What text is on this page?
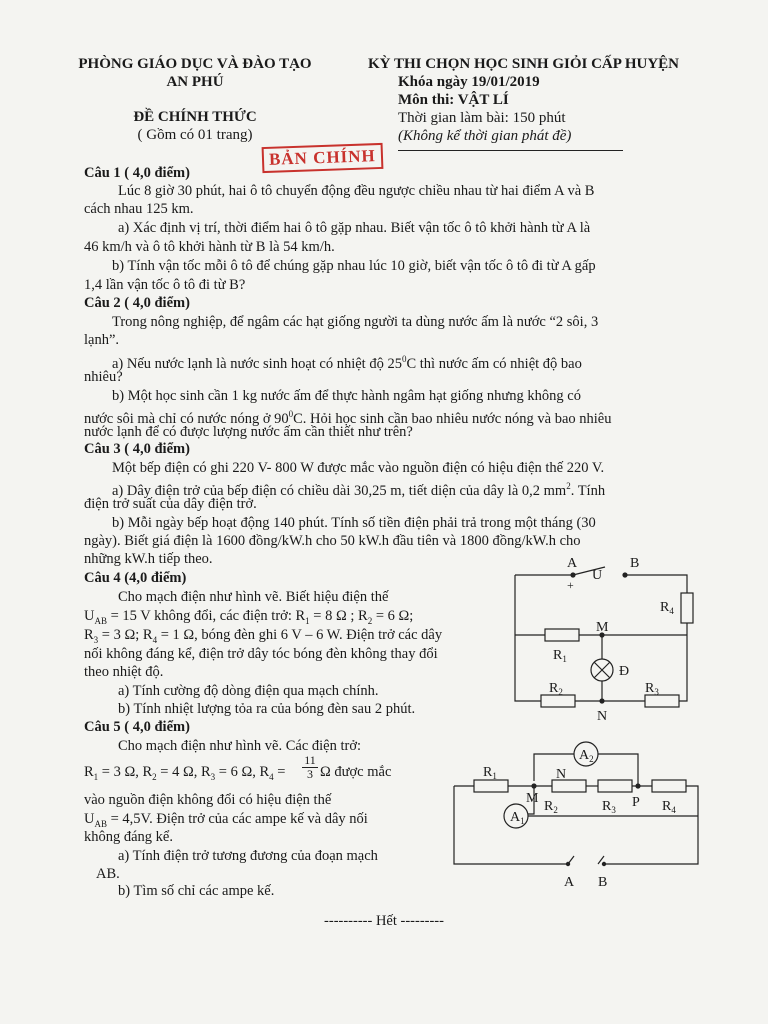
PHÒNG GIÁO DỤC VÀ ĐÀO TẠO
AN PHÚ
ĐỀ CHÍNH THỨC
( Gồm có 01 trang)
BẢN CHÍNH
KỲ THI CHỌN HỌC SINH GIỎI CẤP HUYỆN
Khóa ngày 19/01/2019
Môn thi: VẬT LÍ
Thời gian làm bài: 150 phút
(Không kể thời gian phát đề)
Câu 1 ( 4,0 điểm)
Lúc 8 giờ 30 phút, hai ô tô chuyển động đều ngược chiều nhau từ hai điểm A và B
cách nhau 125 km.
a) Xác định vị trí, thời điểm hai ô tô gặp nhau. Biết vận tốc ô tô khởi hành từ A là
46 km/h và ô tô khởi hành từ B là 54 km/h.
b) Tính vận tốc mỗi ô tô để chúng gặp nhau lúc 10 giờ, biết vận tốc ô tô đi từ A gấp
1,4 lần vận tốc ô tô đi từ B?
Câu 2 ( 4,0 điểm)
Trong nông nghiệp, để ngâm các hạt giống người ta dùng nước ấm là nước “2 sôi, 3
lạnh”.
a) Nếu nước lạnh là nước sinh hoạt có nhiệt độ $25^0C$ thì nước ấm có nhiệt độ bao
nhiêu?
b) Một học sinh cần 1 kg nước ấm để thực hành ngâm hạt giống nhưng không có
nước sôi mà chỉ có nước nóng ở $90^0C$. Hỏi học sinh cần bao nhiêu nước nóng và bao nhiêu
nước lạnh để có được lượng nước ấm cần thiết như trên?
Câu 3 ( 4,0 điểm)
Một bếp điện có ghi 220 V- 800 W được mắc vào nguồn điện có hiệu điện thế 220 V.
a) Dây điện trở của bếp điện có chiều dài 30,25 m, tiết diện của dây là 0,2 $mm^2$. Tính
điện trở suất của dây điện trở.
b) Mỗi ngày bếp hoạt động 140 phút. Tính số tiền điện phải trả trong một tháng (30
ngày). Biết giá điện là 1600 đồng/kW.h cho 50 kW.h đầu tiên và 1800 đồng/kW.h cho
những kW.h tiếp theo.
Câu 4 (4,0 điểm)
Cho mạch điện như hình vẽ. Biết hiệu điện thế
$U_{AB} = 15$ V không đổi, các điện trở: $R_1 = 8$ Ω ; $R_2 = 6$ Ω;
$R_3 = 3$ Ω; $R_4 = 1$ Ω, bóng đèn ghi 6 V – 6 W. Điện trở các dây
nối không đáng kể, điện trở dây tóc bóng đèn không thay đổi
theo nhiệt độ.
a) Tính cường độ dòng điện qua mạch chính.
b) Tính nhiệt lượng tỏa ra của bóng đèn sau 2 phút.
A
+
U
B
$R_4$
$R_1$
M
Đ
$R_2$	$R_3$
N
Câu 5 ( 4,0 điểm)
Cho mạch điện như hình vẽ. Các điện trở:
$R_1 = 3$ Ω, $R_2 = 4$ Ω, $R_3 = 6$ Ω, $R_4 = \frac{11}{3}$ Ω được mắc
vào nguồn điện không đổi có hiệu điện thế
$U_{AB} = 4,5V$. Điện trở của các ampe kế và dây nối
không đáng kể.
a) Tính điện trở tương đương của đoạn mạch
AB.
b) Tìm số chỉ các ampe kế.
$A_2$
$A_1$
$R_1$	N
M
$R_2$	$R_3$ P $R_4$
A B
---------- Hết ---------
